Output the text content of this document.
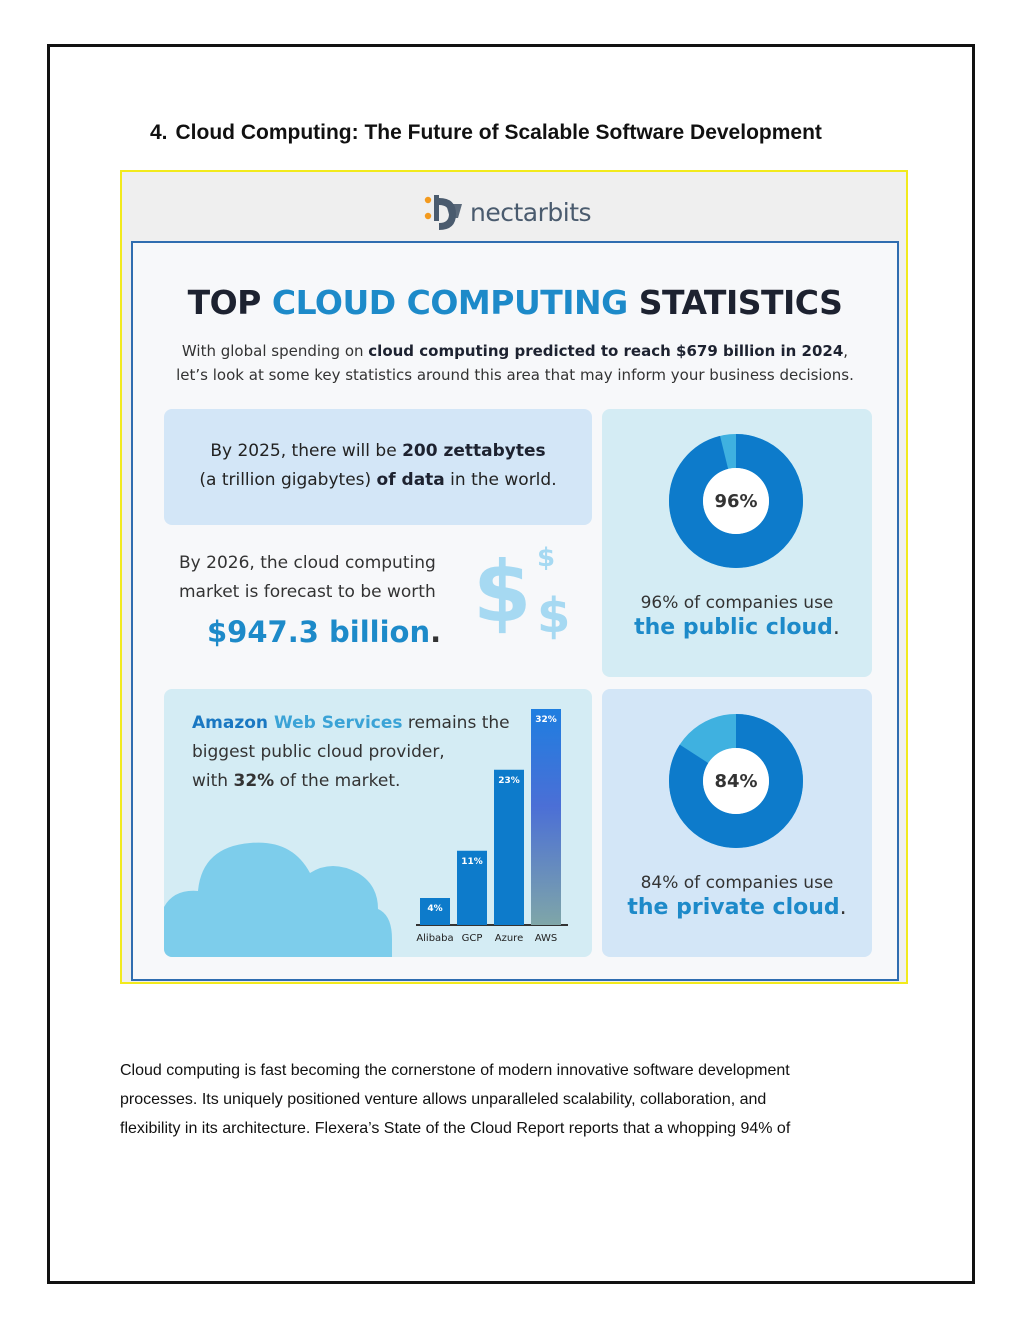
4. Cloud Computing: The Future of Scalable Software Development
nectarbits
TOP CLOUD COMPUTING STATISTICS
With global spending on cloud computing predicted to reach $679 billion in 2024,
let’s look at some key statistics around this area that may inform your business decisions.
By 2025, there will be 200 zettabytes
(a trillion gigabytes) of data in the world.
By 2026, the cloud computing
market is forecast to be worth
$947.3 billion. $ $
$
96%
96% of companies use
the public cloud.
Amazon Web Services remains the
biggest public cloud provider,
with 32% of the market.
4%
Alibaba
11%
GCP
23%
Azure
32%
AWS
84%
84% of companies use
the private cloud.
Cloud computing is fast becoming the cornerstone of modern innovative software development
processes. Its uniquely positioned venture allows unparalleled scalability, collaboration, and
flexibility in its architecture. Flexera’s State of the Cloud Report reports that a whopping 94% of
